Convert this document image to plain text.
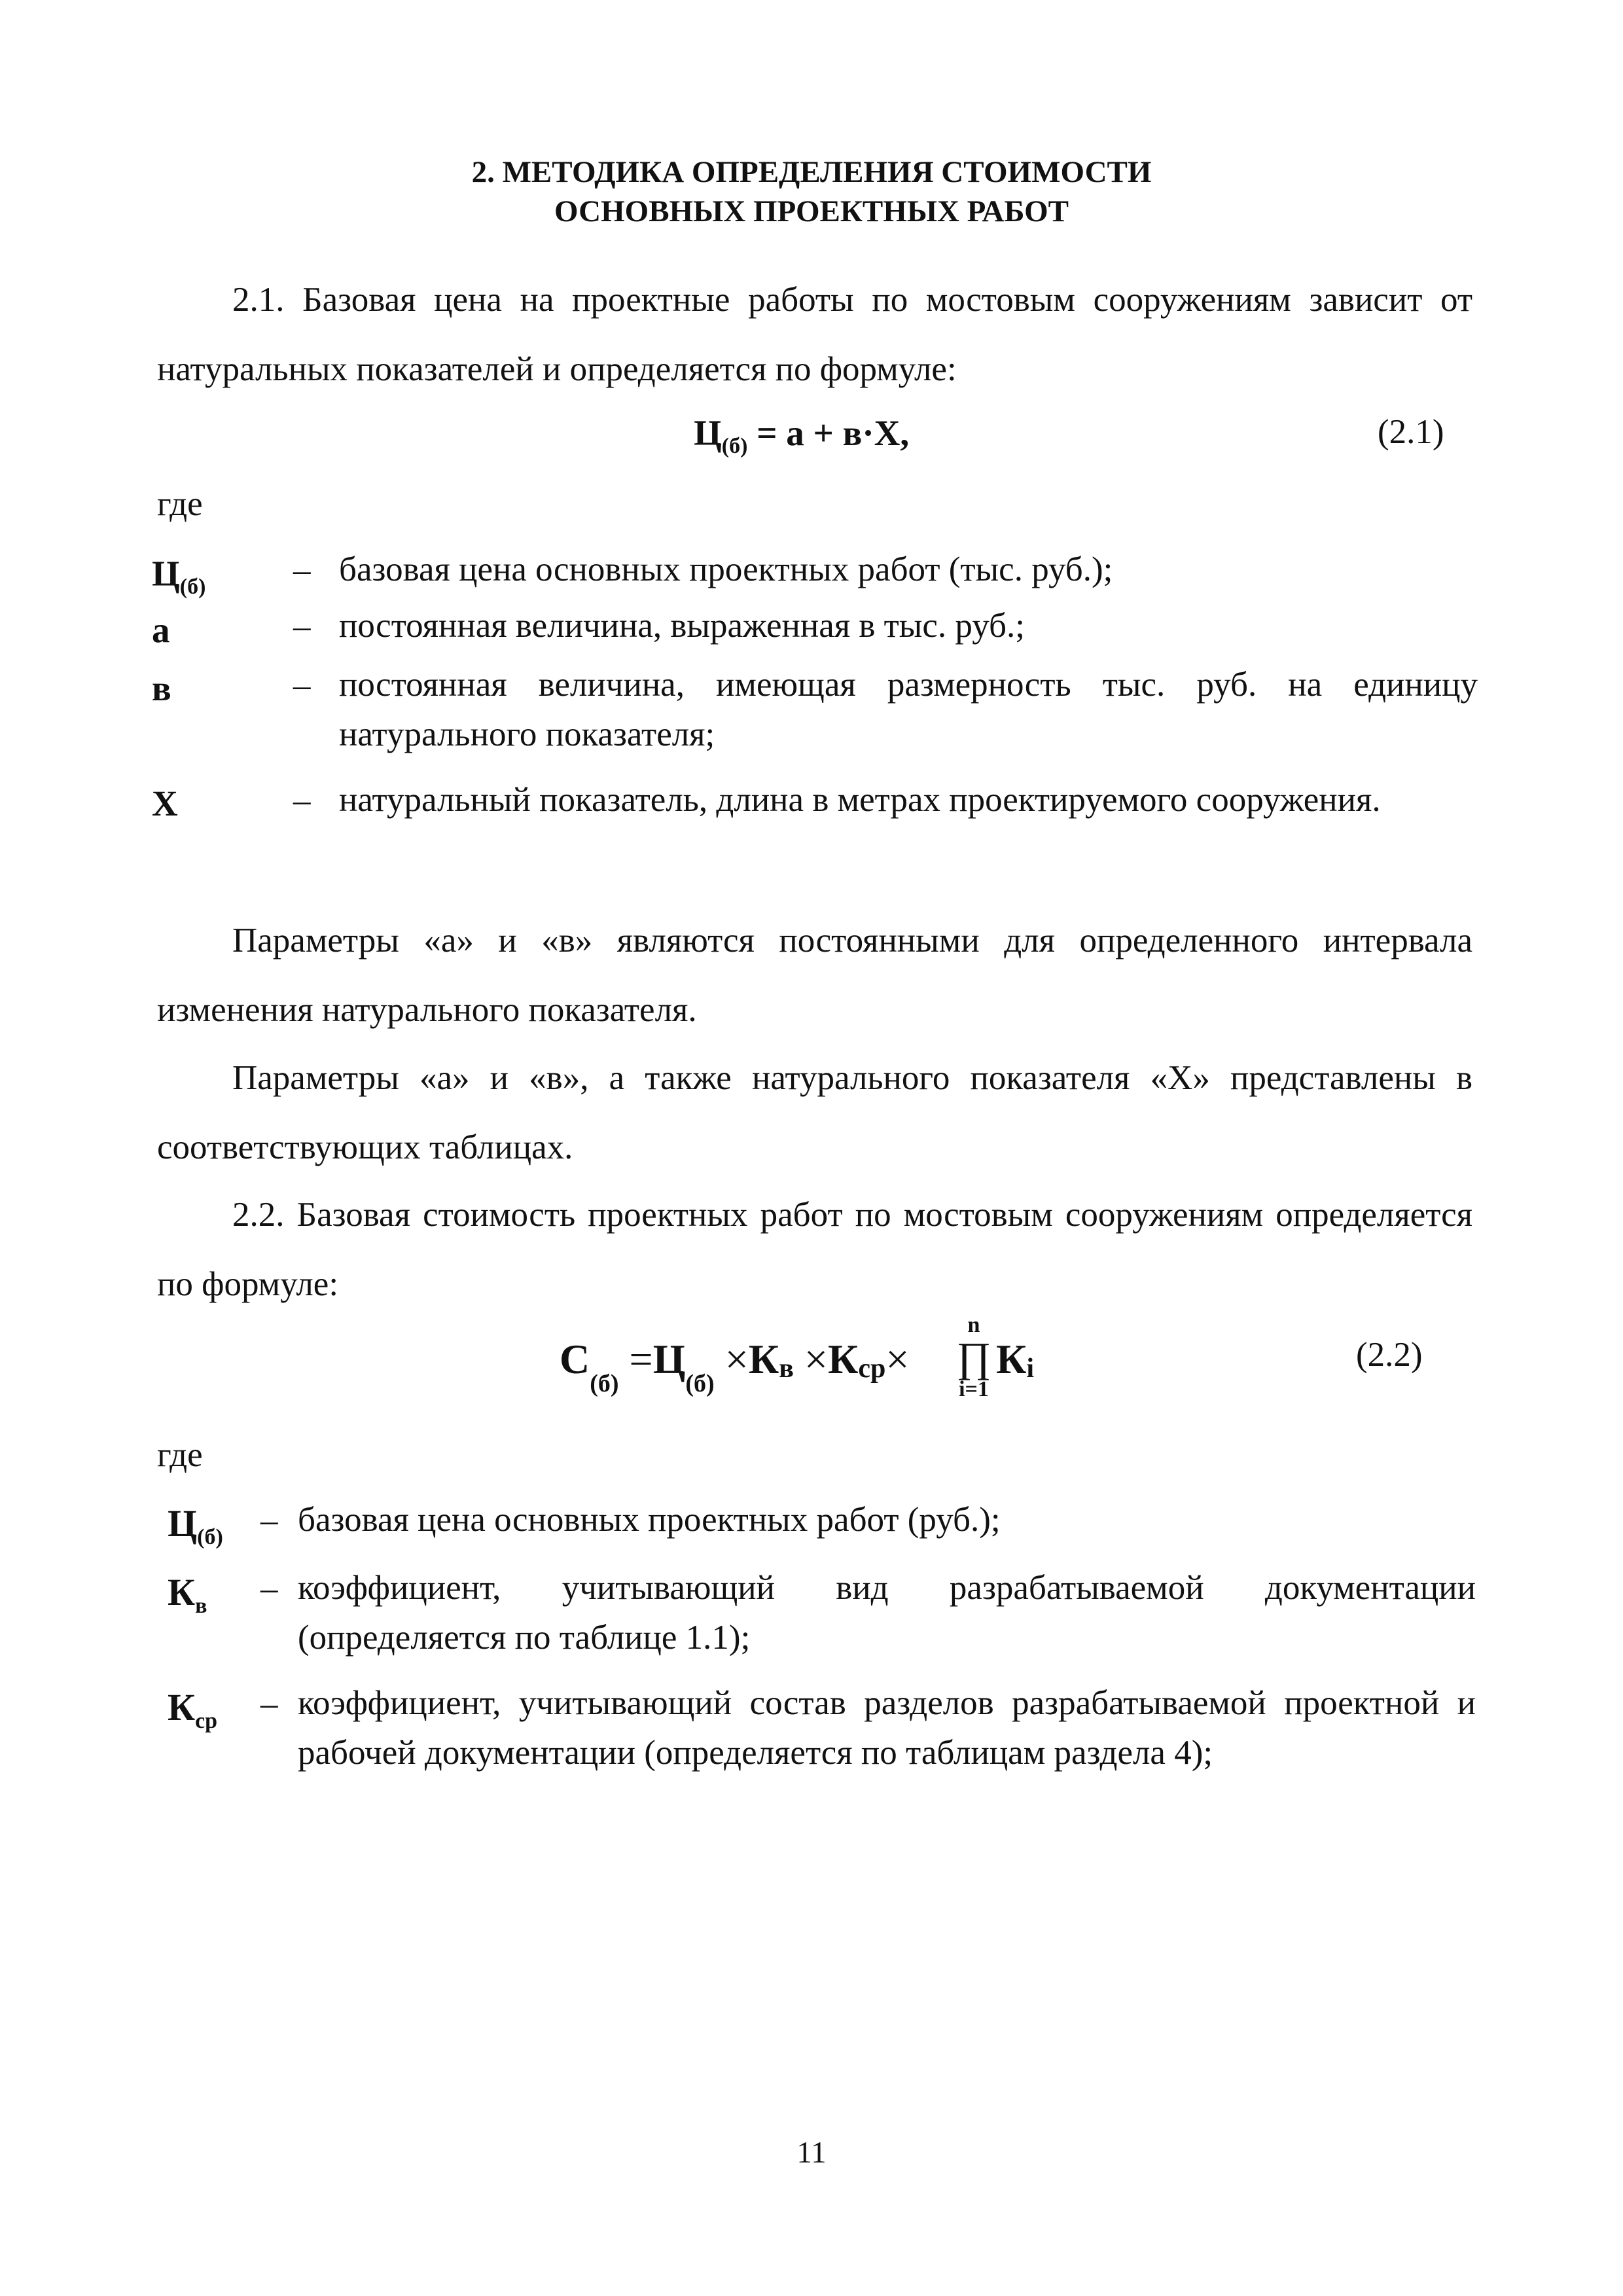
2. МЕТОДИКА ОПРЕДЕЛЕНИЯ СТОИМОСТИ
ОСНОВНЫХ ПРОЕКТНЫХ РАБОТ

2.1. Базовая цена на проектные работы по мостовым сооружениям зависит от натуральных показателей и определяется по формуле:

$Ц_{(б)} = а + в\cdot Х$,	(2.1)
где
$Ц_{(б)}$	– базовая цена основных проектных работ (тыс. руб.);
а	– постоянная величина, выраженная в тыс. руб.;
в	– постоянная величина, имеющая размерность тыс. руб. на единицу натурального показателя;
Х	– натуральный показатель, длина в метрах проектируемого сооружения.

Параметры «а» и «в» являются постоянными для определенного интервала изменения натурального показателя.

Параметры «а» и «в», а также натурального показателя «Х» представлены в соответствующих таблицах.

2.2. Базовая стоимость проектных работ по мостовым сооружениям определяется по формуле:

$С_{(б)} =Ц_{(б)} \times Кв \times Кср\times$
n
∏
i=1
Кi	(2.2)
где
$Ц_{(б)}$ – базовая цена основных проектных работ (руб.);
$К_в$ – коэффициент, учитывающий вид разрабатываемой документации (определяется по таблице 1.1);
$К_{ср}$ – коэффициент, учитывающий состав разделов разрабатываемой проектной и рабочей документации (определяется по таблицам раздела 4);
11
